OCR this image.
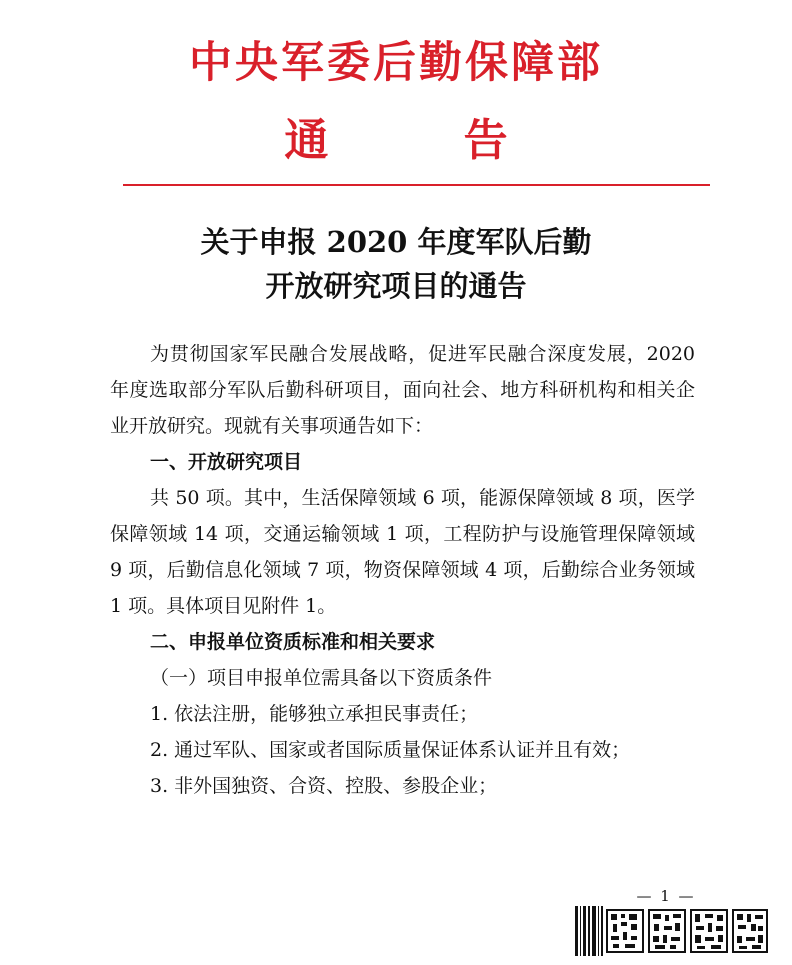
中央军委后勤保障部
通 告
关于申报 2020 年度军队后勤
开放研究项目的通告

为贯彻国家军民融合发展战略，促进军民融合深度发展，2020 年度选取部分军队后勤科研项目，面向社会、地方科研机构和相关企业开放研究。现就有关事项通告如下：

一、开放研究项目

共 50 项。其中，生活保障领域 6 项，能源保障领域 8 项，医学保障领域 14 项，交通运输领域 1 项，工程防护与设施管理保障领域 9 项，后勤信息化领域 7 项，物资保障领域 4 项，后勤综合业务领域 1 项。具体项目见附件 1。

二、申报单位资质标准和相关要求

（一）项目申报单位需具备以下资质条件

1. 依法注册，能够独立承担民事责任；

2. 通过军队、国家或者国际质量保证体系认证并且有效；

3. 非外国独资、合资、控股、参股企业；

— 1 —
